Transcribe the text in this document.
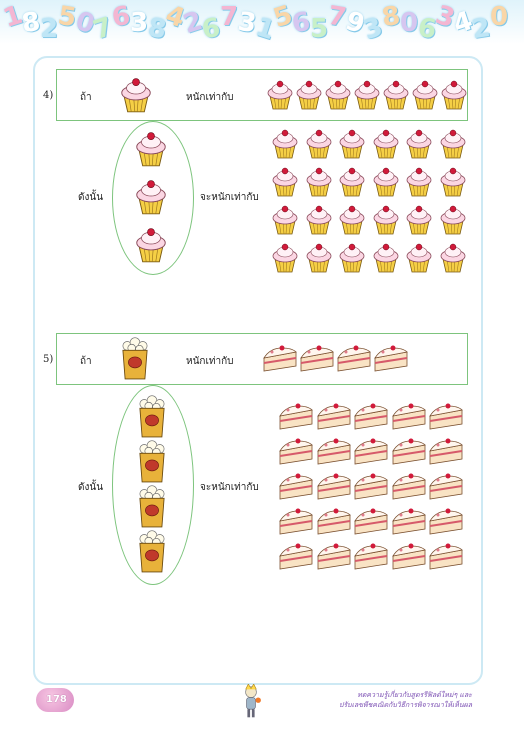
1
8
2
5
0
7
6
3
8
4
2
6
7
3
1
5
6
5
7
9
3
8
0
6
3
4
2
0
4)	ถ้า	หนักเท่ากับ
ดังนั้น	จะหนักเท่ากับ
5)	ถ้า	หนักเท่ากับ
ดังนั้น	จะหนักเท่ากับ
178	ทดความรู้เกี่ยวกับสูตรรีฟิลด์ใหม่ๆ และ
ปรับเลขพีชคณิตกับวิธีการพิจารณาให้เห็นผล
